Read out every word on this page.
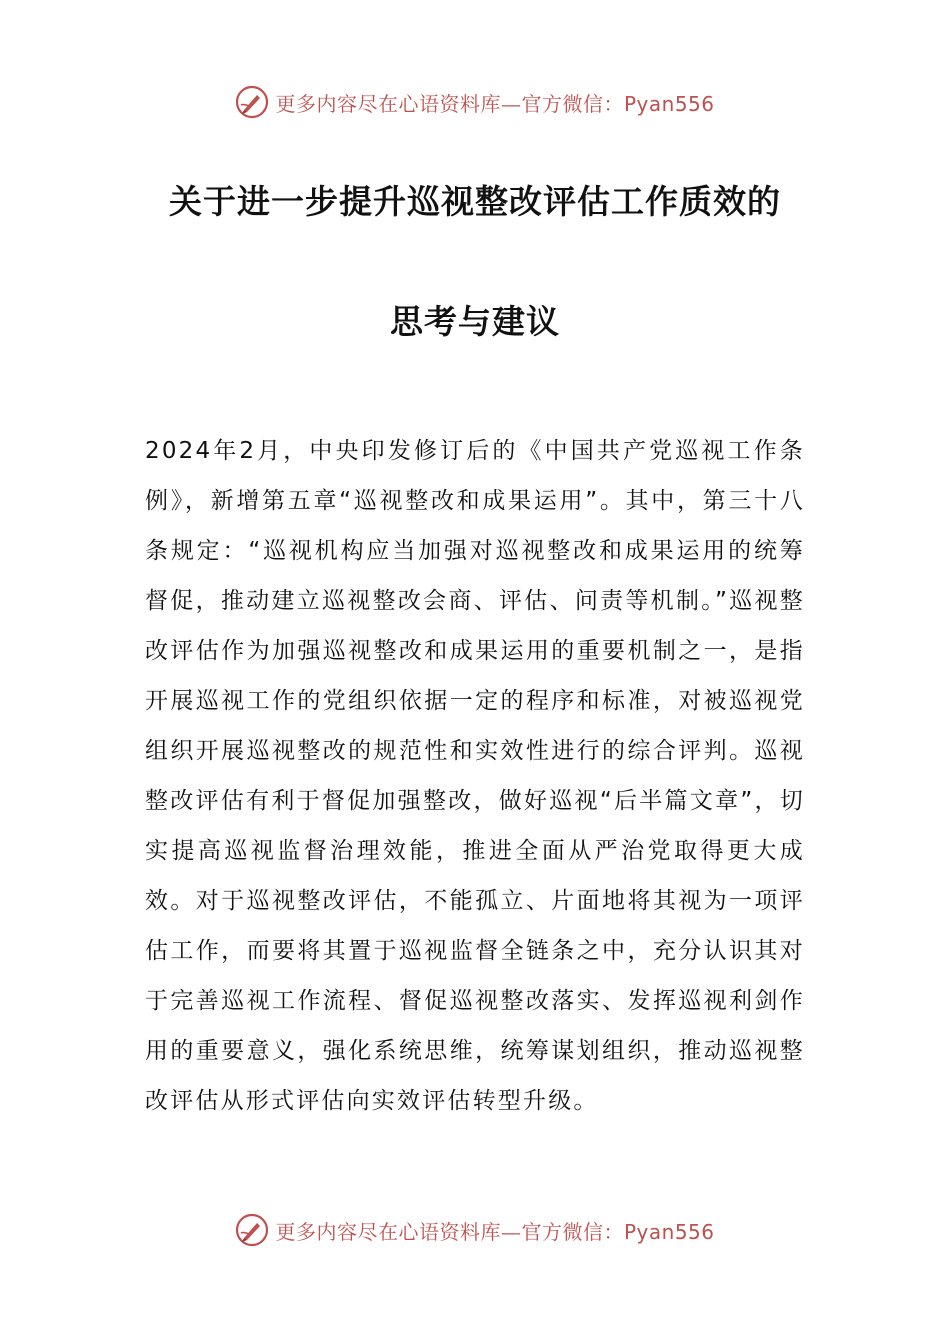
更多内容尽在心语资料库—官方微信：Pyan556
关于进一步提升巡视整改评估工作质效的
思考与建议

2024年2月，中央印发修订后的《中国共产党巡视工作条例》，新增第五章“巡视整改和成果运用”。其中，第三十八条规定：“巡视机构应当加强对巡视整改和成果运用的统筹督促，推动建立巡视整改会商、评估、问责等机制。”巡视整改评估作为加强巡视整改和成果运用的重要机制之一，是指开展巡视工作的党组织依据一定的程序和标准，对被巡视党组织开展巡视整改的规范性和实效性进行的综合评判。巡视整改评估有利于督促加强整改，做好巡视“后半篇文章”，切实提高巡视监督治理效能，推进全面从严治党取得更大成效。对于巡视整改评估，不能孤立、片面地将其视为一项评估工作，而要将其置于巡视监督全链条之中，充分认识其对于完善巡视工作流程、督促巡视整改落实、发挥巡视利剑作用的重要意义，强化系统思维，统筹谋划组织，推动巡视整改评估从形式评估向实效评估转型升级。

更多内容尽在心语资料库—官方微信：Pyan556
